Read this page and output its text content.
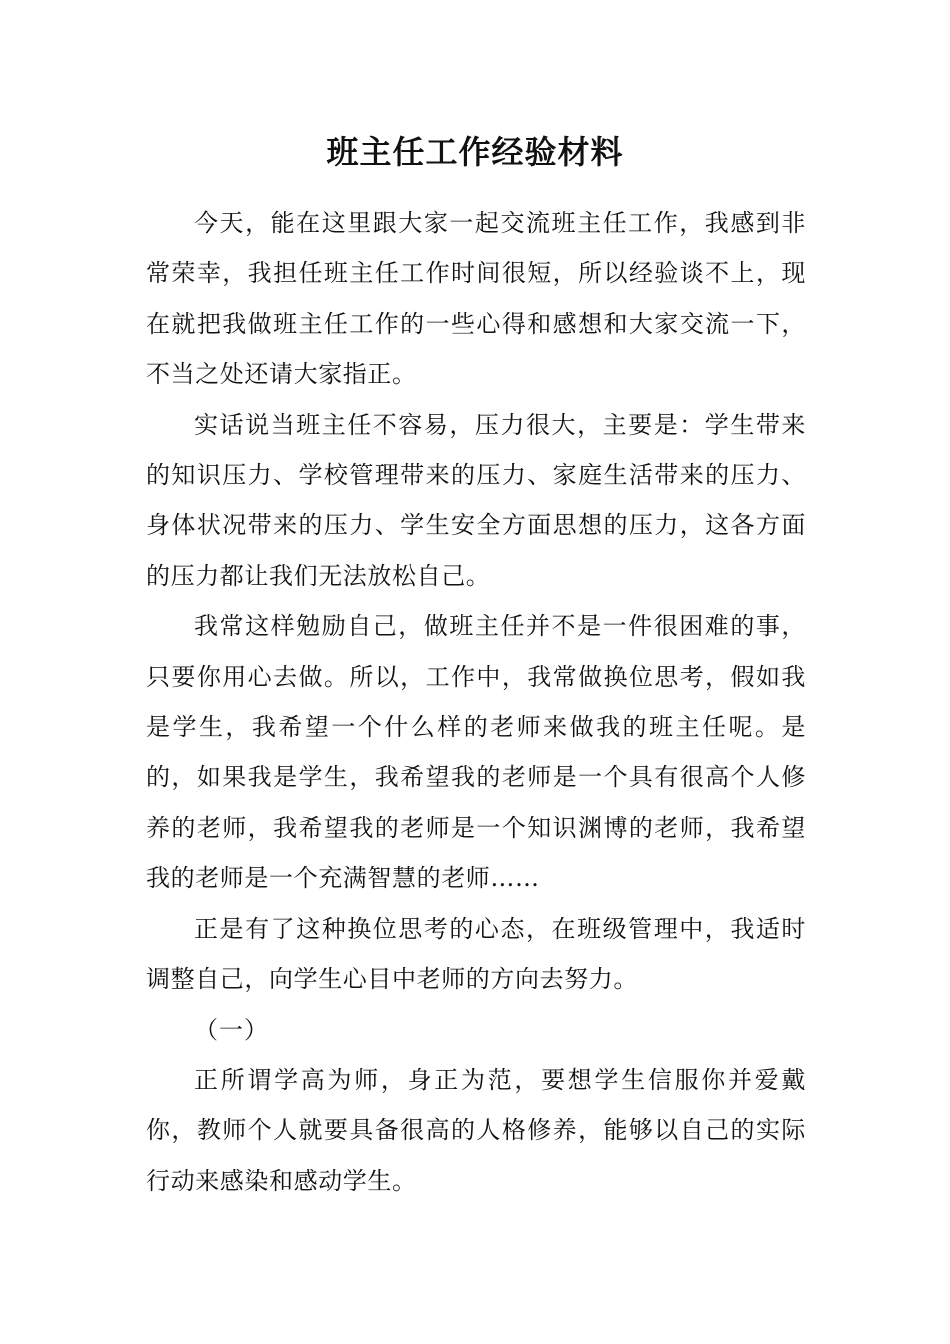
班主任工作经验材料

今天，能在这里跟大家一起交流班主任工作，我感到非常荣幸，我担任班主任工作时间很短，所以经验谈不上，现在就把我做班主任工作的一些心得和感想和大家交流一下，不当之处还请大家指正。

实话说当班主任不容易，压力很大，主要是：学生带来的知识压力、学校管理带来的压力、家庭生活带来的压力、身体状况带来的压力、学生安全方面思想的压力，这各方面的压力都让我们无法放松自己。

我常这样勉励自己，做班主任并不是一件很困难的事，只要你用心去做。所以，工作中，我常做换位思考，假如我是学生，我希望一个什么样的老师来做我的班主任呢。是的，如果我是学生，我希望我的老师是一个具有很高个人修养的老师，我希望我的老师是一个知识渊博的老师，我希望我的老师是一个充满智慧的老师……

正是有了这种换位思考的心态，在班级管理中，我适时调整自己，向学生心目中老师的方向去努力。

（一）

正所谓学高为师，身正为范，要想学生信服你并爱戴你，教师个人就要具备很高的人格修养，能够以自己的实际行动来感染和感动学生。
